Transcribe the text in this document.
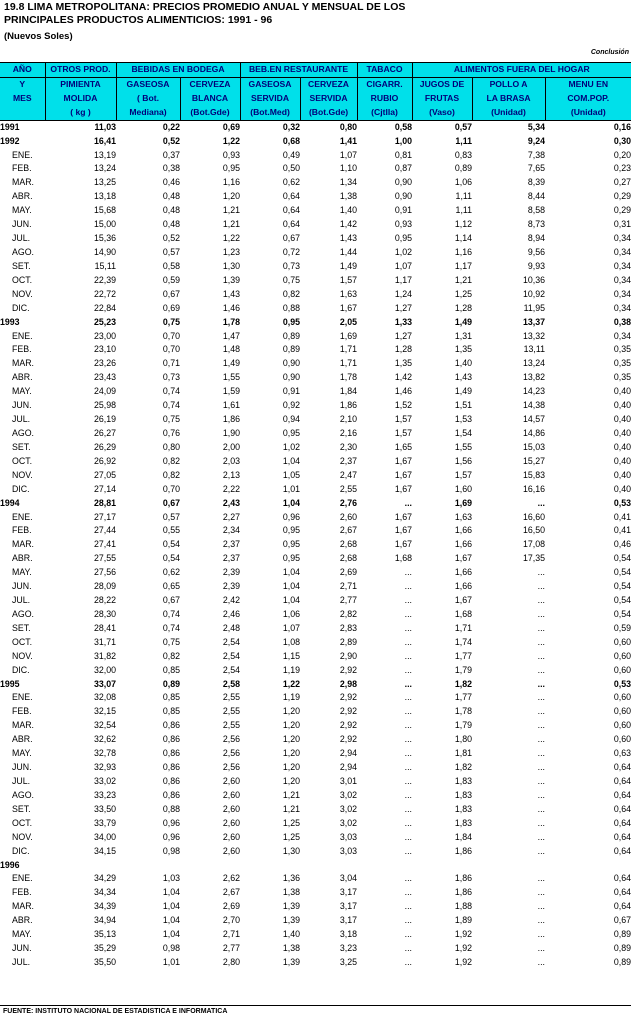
19.8 LIMA METROPOLITANA: PRECIOS PROMEDIO ANUAL Y MENSUAL DE LOS
PRINCIPALES PRODUCTOS ALIMENTICIOS: 1991 - 96
(Nuevos Soles)
Conclusión
AÑO	OTROS PROD.	BEBIDAS EN BODEGA		BEB.EN RESTAURANTE		TABACO	ALIMENTOS FUERA DEL HOGAR		
Y	PIMIENTA	GASEOSA	CERVEZA	GASEOSA	CERVEZA	CIGARR.	JUGOS DE	POLLO A	MENU EN
MES	MOLIDA	( Bot.	BLANCA	SERVIDA	SERVIDA	RUBIO	FRUTAS	LA BRASA	COM.POP.
	( kg )	Mediana)	(Bot.Gde)	(Bot.Med)	(Bot.Gde)	(Cjtlla)	(Vaso)	(Unidad)	(Unidad)
1991	11,03	0,22	0,69	0,32	0,80	0,58	0,57	5,34	0,16
1992	16,41	0,52	1,22	0,68	1,41	1,00	1,11	9,24	0,30
ENE.	13,19	0,37	0,93	0,49	1,07	0,81	0,83	7,38	0,20
FEB.	13,24	0,38	0,95	0,50	1,10	0,87	0,89	7,65	0,23
MAR.	13,25	0,46	1,16	0,62	1,34	0,90	1,06	8,39	0,27
ABR.	13,18	0,48	1,20	0,64	1,38	0,90	1,11	8,44	0,29
MAY.	15,68	0,48	1,21	0,64	1,40	0,91	1,11	8,58	0,29
JUN.	15,00	0,48	1,21	0,64	1,42	0,93	1,12	8,73	0,31
JUL.	15,36	0,52	1,22	0,67	1,43	0,95	1,14	8,94	0,34
AGO.	14,90	0,57	1,23	0,72	1,44	1,02	1,16	9,56	0,34
SET.	15,11	0,58	1,30	0,73	1,49	1,07	1,17	9,93	0,34
OCT.	22,39	0,59	1,39	0,75	1,57	1,17	1,21	10,36	0,34
NOV.	22,72	0,67	1,43	0,82	1,63	1,24	1,25	10,92	0,34
DIC.	22,84	0,69	1,46	0,88	1,67	1,27	1,28	11,95	0,34
1993	25,23	0,75	1,78	0,95	2,05	1,33	1,49	13,37	0,38
ENE.	23,00	0,70	1,47	0,89	1,69	1,27	1,31	13,32	0,34
FEB.	23,10	0,70	1,48	0,89	1,71	1,28	1,35	13,11	0,35
MAR.	23,26	0,71	1,49	0,90	1,71	1,35	1,40	13,24	0,35
ABR.	23,43	0,73	1,55	0,90	1,78	1,42	1,43	13,82	0,35
MAY.	24,09	0,74	1,59	0,91	1,84	1,46	1,49	14,23	0,40
JUN.	25,98	0,74	1,61	0,92	1,86	1,52	1,51	14,38	0,40
JUL.	26,19	0,75	1,86	0,94	2,10	1,57	1,53	14,57	0,40
AGO.	26,27	0,76	1,90	0,95	2,16	1,57	1,54	14,86	0,40
SET.	26,29	0,80	2,00	1,02	2,30	1,65	1,55	15,03	0,40
OCT.	26,92	0,82	2,03	1,04	2,37	1,67	1,56	15,27	0,40
NOV.	27,05	0,82	2,13	1,05	2,47	1,67	1,57	15,83	0,40
DIC.	27,14	0,70	2,22	1,01	2,55	1,67	1,60	16,16	0,40
1994	28,81	0,67	2,43	1,04	2,76	...	1,69	...	0,53
ENE.	27,17	0,57	2,27	0,96	2,60	1,67	1,63	16,60	0,41
FEB.	27,44	0,55	2,34	0,95	2,67	1,67	1,66	16,50	0,41
MAR.	27,41	0,54	2,37	0,95	2,68	1,67	1,66	17,08	0,46
ABR.	27,55	0,54	2,37	0,95	2,68	1,68	1,67	17,35	0,54
MAY.	27,56	0,62	2,39	1,04	2,69	...	1,66	...	0,54
JUN.	28,09	0,65	2,39	1,04	2,71	...	1,66	...	0,54
JUL.	28,22	0,67	2,42	1,04	2,77	...	1,67	...	0,54
AGO.	28,30	0,74	2,46	1,06	2,82	...	1,68	...	0,54
SET.	28,41	0,74	2,48	1,07	2,83	...	1,71	...	0,59
OCT.	31,71	0,75	2,54	1,08	2,89	...	1,74	...	0,60
NOV.	31,82	0,82	2,54	1,15	2,90	...	1,77	...	0,60
DIC.	32,00	0,85	2,54	1,19	2,92	...	1,79	...	0,60
1995	33,07	0,89	2,58	1,22	2,98	...	1,82	...	0,53
ENE.	32,08	0,85	2,55	1,19	2,92	...	1,77	...	0,60
FEB.	32,15	0,85	2,55	1,20	2,92	...	1,78	...	0,60
MAR.	32,54	0,86	2,55	1,20	2,92	...	1,79	...	0,60
ABR.	32,62	0,86	2,56	1,20	2,92	...	1,80	...	0,60
MAY.	32,78	0,86	2,56	1,20	2,94	...	1,81	...	0,63
JUN.	32,93	0,86	2,56	1,20	2,94	...	1,82	...	0,64
JUL.	33,02	0,86	2,60	1,20	3,01	...	1,83	...	0,64
AGO.	33,23	0,86	2,60	1,21	3,02	...	1,83	...	0,64
SET.	33,50	0,88	2,60	1,21	3,02	...	1,83	...	0,64
OCT.	33,79	0,96	2,60	1,25	3,02	...	1,83	...	0,64
NOV.	34,00	0,96	2,60	1,25	3,03	...	1,84	...	0,64
DIC.	34,15	0,98	2,60	1,30	3,03	...	1,86	...	0,64
1996									
ENE.	34,29	1,03	2,62	1,36	3,04	...	1,86	...	0,64
FEB.	34,34	1,04	2,67	1,38	3,17	...	1,86	...	0,64
MAR.	34,39	1,04	2,69	1,39	3,17	...	1,88	...	0,64
ABR.	34,94	1,04	2,70	1,39	3,17	...	1,89	...	0,67
MAY.	35,13	1,04	2,71	1,40	3,18	...	1,92	...	0,89
JUN.	35,29	0,98	2,77	1,38	3,23	...	1,92	...	0,89
JUL.	35,50	1,01	2,80	1,39	3,25	...	1,92	...	0,89
FUENTE: INSTITUTO NACIONAL DE ESTADISTICA E INFORMATICA
